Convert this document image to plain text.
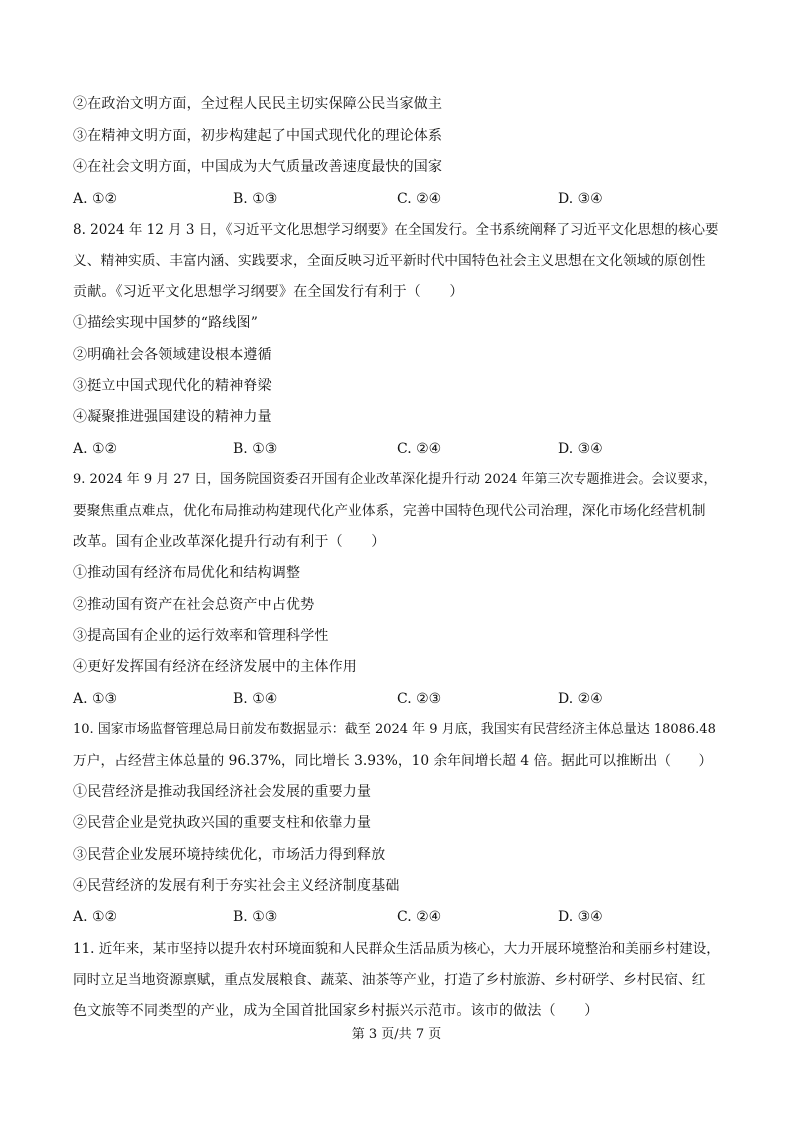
②在政治文明方面，全过程人民民主切实保障公民当家做主
③在精神文明方面，初步构建起了中国式现代化的理论体系
④在社会文明方面，中国成为大气质量改善速度最快的国家
A. ①②	B. ①③	C. ②④	D. ③④
8. 2024 年 12 月 3 日，《习近平文化思想学习纲要》在全国发行。全书系统阐释了习近平文化思想的核心要
义、精神实质、丰富内涵、实践要求，全面反映习近平新时代中国特色社会主义思想在文化领域的原创性
贡献。《习近平文化思想学习纲要》在全国发行有利于（　　）
①描绘实现中国梦的“路线图”
②明确社会各领域建设根本遵循
③挺立中国式现代化的精神脊梁
④凝聚推进强国建设的精神力量
A. ①②	B. ①③	C. ②④	D. ③④
9. 2024 年 9 月 27 日，国务院国资委召开国有企业改革深化提升行动 2024 年第三次专题推进会。会议要求，
要聚焦重点难点，优化布局推动构建现代化产业体系，完善中国特色现代公司治理，深化市场化经营机制
改革。国有企业改革深化提升行动有利于（　　）
①推动国有经济布局优化和结构调整
②推动国有资产在社会总资产中占优势
③提高国有企业的运行效率和管理科学性
④更好发挥国有经济在经济发展中的主体作用
A. ①③	B. ①④	C. ②③	D. ②④
10. 国家市场监督管理总局日前发布数据显示：截至 2024 年 9 月底，我国实有民营经济主体总量达 18086.48
万户，占经营主体总量的 96.37%，同比增长 3.93%，10 余年间增长超 4 倍。据此可以推断出（　　）
①民营经济是推动我国经济社会发展的重要力量
②民营企业是党执政兴国的重要支柱和依靠力量
③民营企业发展环境持续优化，市场活力得到释放
④民营经济的发展有利于夯实社会主义经济制度基础
A. ①②	B. ①③	C. ②④	D. ③④
11. 近年来，某市坚持以提升农村环境面貌和人民群众生活品质为核心，大力开展环境整治和美丽乡村建设，
同时立足当地资源禀赋，重点发展粮食、蔬菜、油茶等产业，打造了乡村旅游、乡村研学、乡村民宿、红
色文旅等不同类型的产业，成为全国首批国家乡村振兴示范市。该市的做法（　　）
第 3 页/共 7 页
